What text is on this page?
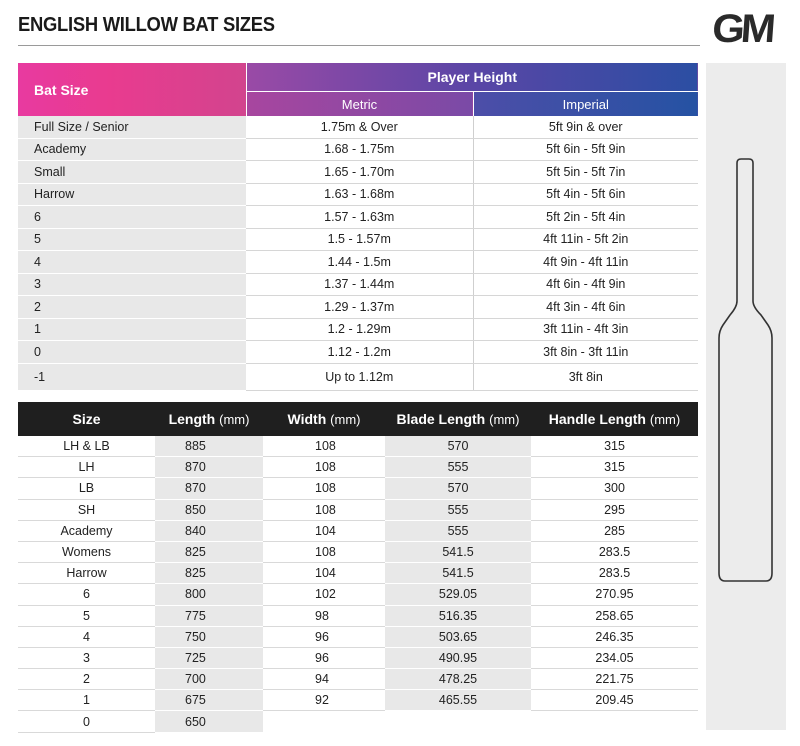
ENGLISH WILLOW BAT SIZES	GM
Bat Size	Player Height	
	Metric	Imperial
Full Size / Senior	1.75m & Over	5ft 9in & over
Academy	1.68 - 1.75m	5ft 6in - 5ft 9in
Small	1.65 - 1.70m	5ft 5in - 5ft 7in
Harrow	1.63 - 1.68m	5ft 4in - 5ft 6in
6	1.57 - 1.63m	5ft 2in - 5ft 4in
5	1.5 - 1.57m	4ft 11in - 5ft 2in
4	1.44 - 1.5m	4ft 9in - 4ft 11in
3	1.37 - 1.44m	4ft 6in - 4ft 9in
2	1.29 - 1.37m	4ft 3in - 4ft 6in
1	1.2 - 1.29m	3ft 11in - 4ft 3in
0	1.12 - 1.2m	3ft 8in - 3ft 11in
-1	Up to 1.12m	3ft 8in
Size	Length (mm)	Width (mm)	Blade Length (mm)	Handle Length (mm)
LH & LB	885	108	570	315
LH	870	108	555	315
LB	870	108	570	300
SH	850	108	555	295
Academy	840	104	555	285
Womens	825	108	541.5	283.5
Harrow	825	104	541.5	283.5
6	800	102	529.05	270.95
5	775	98	516.35	258.65
4	750	96	503.65	246.35
3	725	96	490.95	234.05
2	700	94	478.25	221.75
1	675	92	465.55	209.45
0	650			
